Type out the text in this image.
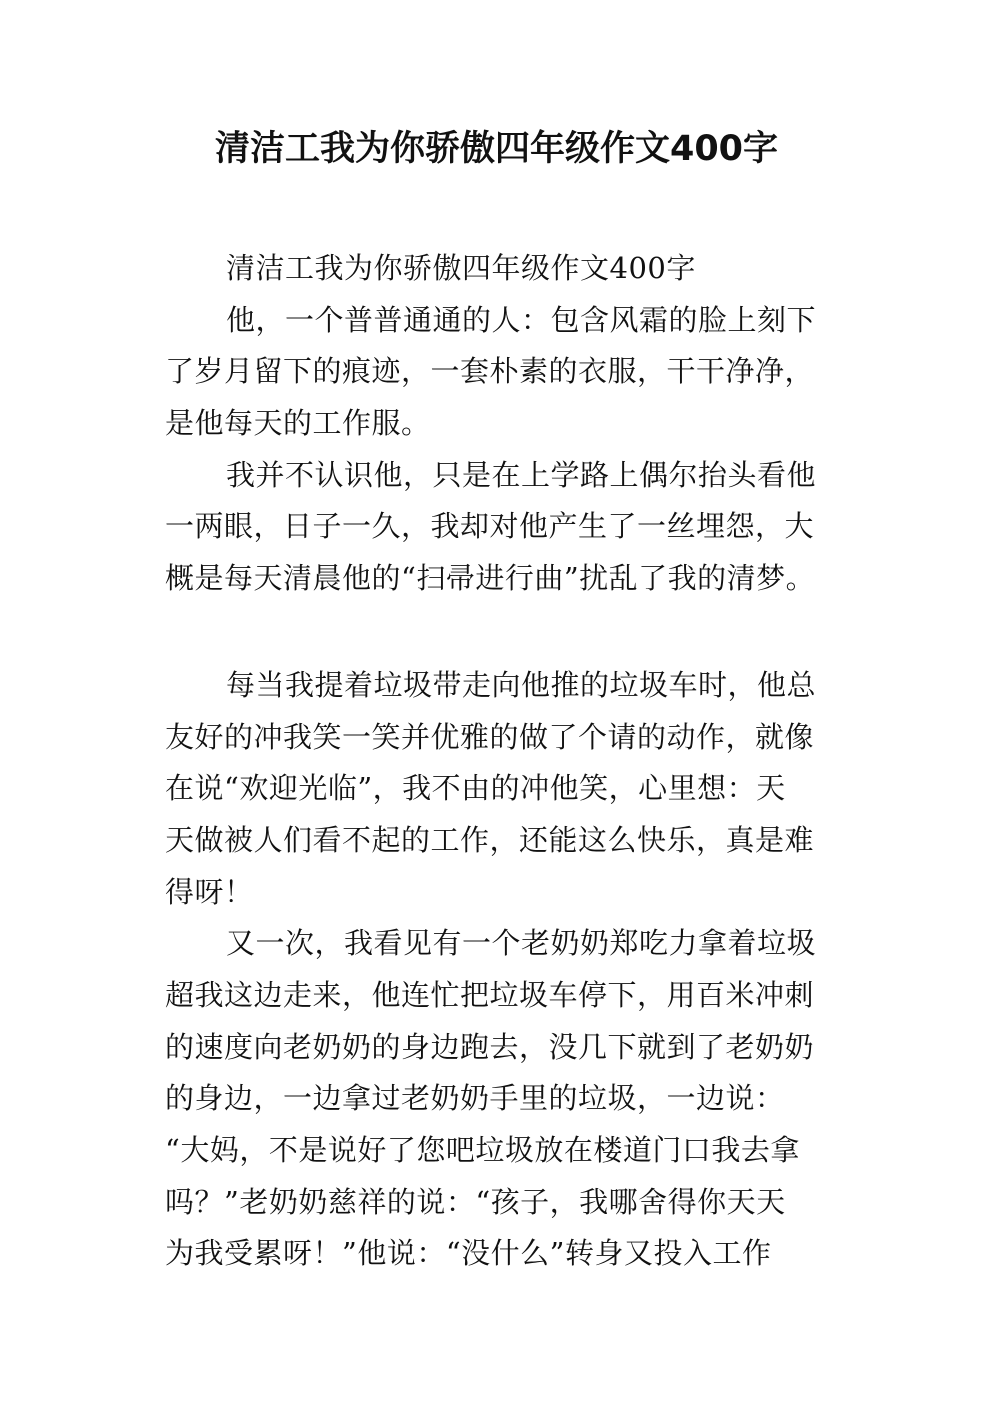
清洁工我为你骄傲四年级作文400字
清洁工我为你骄傲四年级作文400字
他，一个普普通通的人：包含风霜的脸上刻下
了岁月留下的痕迹，一套朴素的衣服，干干净净，
是他每天的工作服。
我并不认识他，只是在上学路上偶尔抬头看他
一两眼，日子一久，我却对他产生了一丝埋怨，大
概是每天清晨他的“扫帚进行曲”扰乱了我的清梦。
每当我提着垃圾带走向他推的垃圾车时，他总
友好的冲我笑一笑并优雅的做了个请的动作，就像
在说“欢迎光临”，我不由的冲他笑，心里想：天
天做被人们看不起的工作，还能这么快乐，真是难
得呀！
又一次，我看见有一个老奶奶郑吃力拿着垃圾
超我这边走来，他连忙把垃圾车停下，用百米冲刺
的速度向老奶奶的身边跑去，没几下就到了老奶奶
的身边，一边拿过老奶奶手里的垃圾，一边说：
“大妈，不是说好了您吧垃圾放在楼道门口我去拿
吗？”老奶奶慈祥的说：“孩子，我哪舍得你天天
为我受累呀！”他说：“没什么”转身又投入工作
